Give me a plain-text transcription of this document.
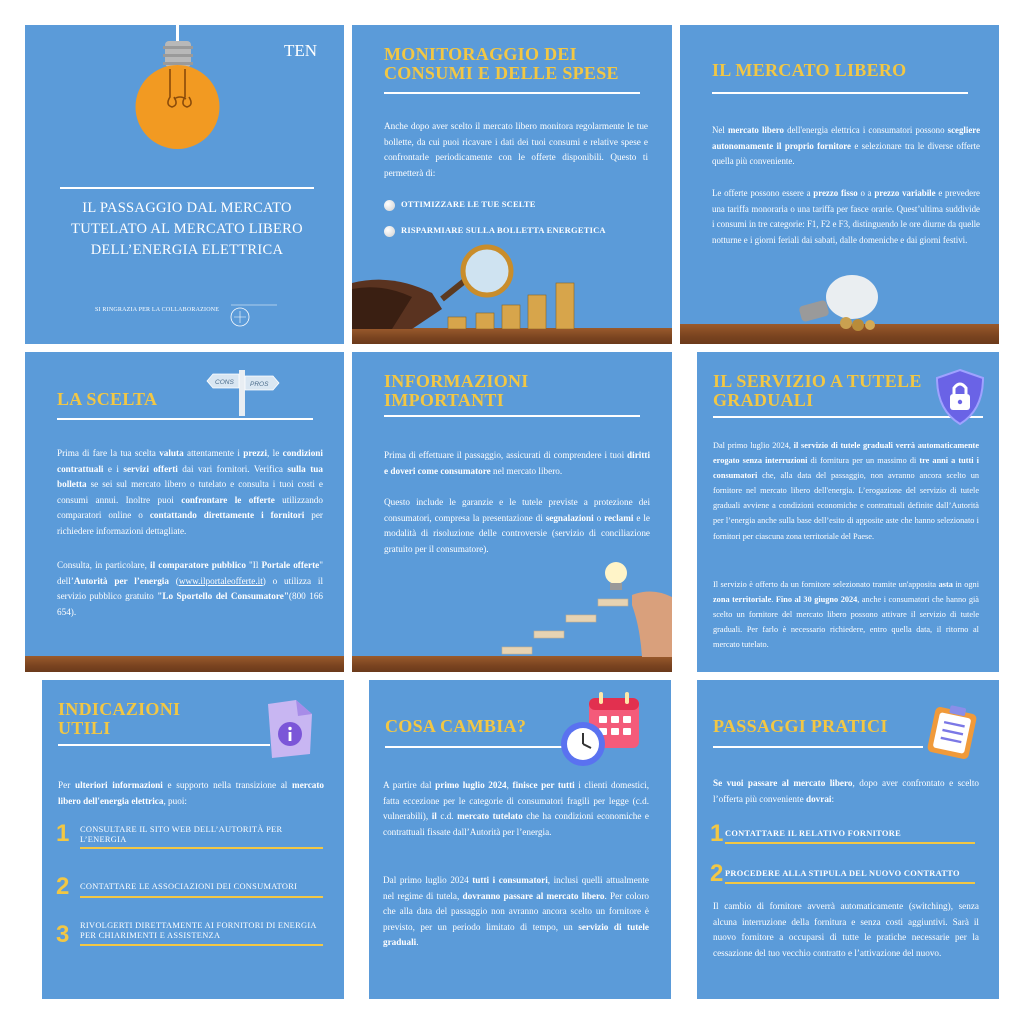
TEN
IL PASSAGGIO DAL MERCATO TUTELATO AL MERCATO LIBERO DELL’ENERGIA ELETTRICA
SI RINGRAZIA PER LA COLLABORAZIONE
MONITORAGGIO DEI CONSUMI E DELLE SPESE

Anche dopo aver scelto il mercato libero monitora regolarmente le tue bollette, da cui puoi ricavare i dati dei tuoi consumi e relative spese e confrontarle periodicamente con le offerte disponibili. Questo ti permetterà di:

OTTIMIZZARE LE TUE SCELTE
RISPARMIARE SULLA BOLLETTA ENERGETICA
IL MERCATO LIBERO

Nel mercato libero dell'energia elettrica i consumatori possono scegliere autonomamente il proprio fornitore e selezionare tra le diverse offerte quella più conveniente.

Le offerte possono essere a prezzo fisso o a prezzo variabile e prevedere una tariffa monoraria o una tariffa per fasce orarie. Quest’ultima suddivide i consumi in tre categorie: F1, F2 e F3, distinguendo le ore diurne da quelle notturne e i giorni feriali dai sabati, dalle domeniche e dai giorni festivi.

LA SCELTA
CONS PROS

Prima di fare la tua scelta valuta attentamente i prezzi, le condizioni contrattuali e i servizi offerti dai vari fornitori. Verifica sulla tua bolletta se sei sul mercato libero o tutelato e consulta i tuoi costi e consumi annui. Inoltre puoi confrontare le offerte utilizzando comparatori online o contattando direttamente i fornitori per richiedere informazioni dettagliate.

Consulta, in particolare, il comparatore pubblico "Il Portale offerte" dell’Autorità per l’energia (www.ilportaleofferte.it) o utilizza il servizio pubblico gratuito "Lo Sportello del Consumatore"(800 166 654).

INFORMAZIONI IMPORTANTI

Prima di effettuare il passaggio, assicurati di comprendere i tuoi diritti e doveri come consumatore nel mercato libero.

Questo include le garanzie e le tutele previste a protezione dei consumatori, compresa la presentazione di segnalazioni o reclami e le modalità di risoluzione delle controversie (servizio di conciliazione gratuito per il consumatore).

IL SERVIZIO A TUTELE GRADUALI

Dal primo luglio 2024, il servizio di tutele graduali verrà automaticamente erogato senza interruzioni di fornitura per un massimo di tre anni a tutti i consumatori che, alla data del passaggio, non avranno ancora scelto un fornitore nel mercato libero dell'energia. L’erogazione del servizio di tutele graduali avviene a condizioni economiche e contrattuali definite dall’Autorità per l’energia anche sulla base dell’esito di apposite aste che hanno selezionato i fornitori per ciascuna zona territoriale del Paese.

Il servizio è offerto da un fornitore selezionato tramite un'apposita asta in ogni zona territoriale. Fino al 30 giugno 2024, anche i consumatori che hanno già scelto un fornitore del mercato libero possono attivare il servizio di tutele graduali. Per farlo è necessario richiedere, entro quella data, il ritorno al mercato tutelato.

INDICAZIONI UTILI

Per ulteriori informazioni e supporto nella transizione al mercato libero dell'energia elettrica, puoi:

1 CONSULTARE IL SITO WEB DELL’AUTORITÀ PER L’ENERGIA
2 CONTATTARE LE ASSOCIAZIONI DEI CONSUMATORI
3 RIVOLGERTI DIRETTAMENTE AI FORNITORI DI ENERGIA PER CHIARIMENTI E ASSISTENZA
COSA CAMBIA?

A partire dal primo luglio 2024, finisce per tutti i clienti domestici, fatta eccezione per le categorie di consumatori fragili per legge (c.d. vulnerabili), il c.d. mercato tutelato che ha condizioni economiche e contrattuali fissate dall’Autorità per l’energia.

Dal primo luglio 2024 tutti i consumatori, inclusi quelli attualmente nel regime di tutela, dovranno passare al mercato libero. Per coloro che alla data del passaggio non avranno ancora scelto un fornitore è previsto, per un periodo limitato di tempo, un servizio di tutele graduali.

PASSAGGI PRATICI

Se vuoi passare al mercato libero, dopo aver confrontato e scelto l’offerta più conveniente dovrai:

1 CONTATTARE IL RELATIVO FORNITORE
2 PROCEDERE ALLA STIPULA DEL NUOVO CONTRATTO

Il cambio di fornitore avverrà automaticamente (switching), senza alcuna interruzione della fornitura e senza costi aggiuntivi. Sarà il nuovo fornitore a occuparsi di tutte le pratiche necessarie per la cessazione del tuo vecchio contratto e l’attivazione del nuovo.
